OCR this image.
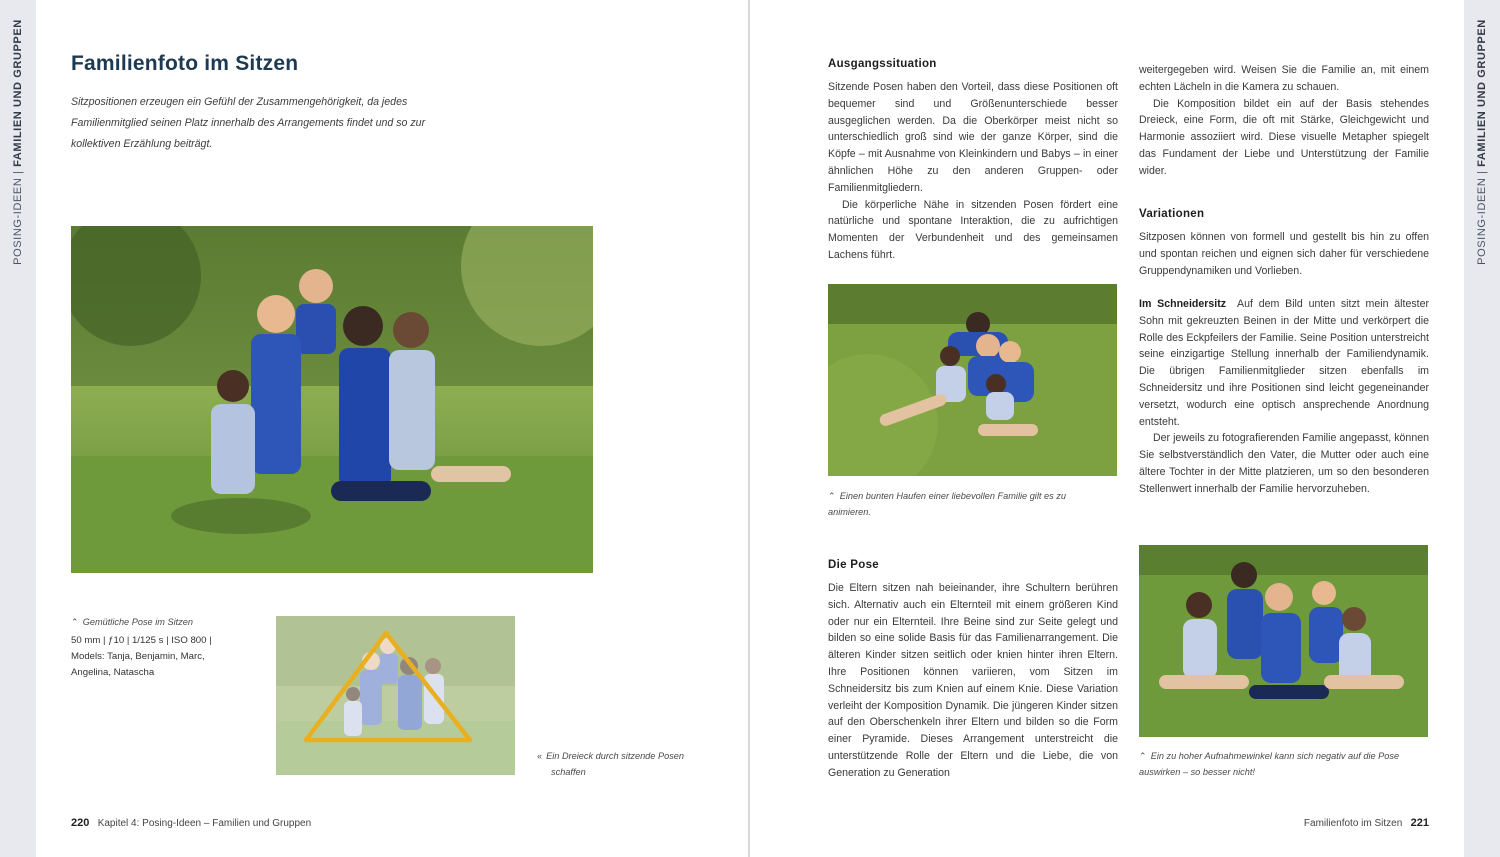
POSING-IDEEN | FAMILIEN UND GRUPPEN
POSING-IDEEN | FAMILIEN UND GRUPPEN
Familienfoto im Sitzen
Sitzpositionen erzeugen ein Gefühl der Zusammengehörigkeit, da jedes Familienmitglied seinen Platz innerhalb des Arrangements findet und so zur kollektiven Erzählung beiträgt.
⌃ Gemütliche Pose im Sitzen
50 mm | ƒ10 | 1/125 s | ISO 800 |
Models: Tanja, Benjamin, Marc, Angelina, Natascha
« Ein Dreieck durch sitzende Posen schaffen
220 Kapitel 4: Posing-Ideen – Familien und Gruppen
Ausgangssituation

Sitzende Posen haben den Vorteil, dass diese Positionen oft bequemer sind und Größenunterschiede besser ausgeglichen werden. Da die Oberkörper meist nicht so unterschiedlich groß sind wie der ganze Körper, sind die Köpfe – mit Ausnahme von Kleinkindern und Babys – in einer ähnlichen Höhe zu den anderen Gruppen- oder Familienmitgliedern.

Die körperliche Nähe in sitzenden Posen fördert eine natürliche und spontane Interaktion, die zu aufrichtigen Momenten der Verbundenheit und des gemeinsamen Lachens führt.

⌃ Einen bunten Haufen einer liebevollen Familie gilt es zu animieren.
Die Pose

Die Eltern sitzen nah beieinander, ihre Schultern berühren sich. Alternativ auch ein Elternteil mit einem größeren Kind oder nur ein Elternteil. Ihre Beine sind zur Seite gelegt und bilden so eine solide Basis für das Familienarrangement. Die älteren Kinder sitzen seitlich oder knien hinter ihren Eltern. Ihre Positionen können variieren, vom Sitzen im Schneidersitz bis zum Knien auf einem Knie. Diese Variation verleiht der Komposition Dynamik. Die jüngeren Kinder sitzen auf den Oberschenkeln ihrer Eltern und bilden so die Form einer Pyramide. Dieses Arrangement unterstreicht die unterstützende Rolle der Eltern und die Liebe, die von Generation zu Generation

weitergegeben wird. Weisen Sie die Familie an, mit einem echten Lächeln in die Kamera zu schauen.

Die Komposition bildet ein auf der Basis stehendes Dreieck, eine Form, die oft mit Stärke, Gleichgewicht und Harmonie assoziiert wird. Diese visuelle Metapher spiegelt das Fundament der Liebe und Unterstützung der Familie wider.

Variationen

Sitzposen können von formell und gestellt bis hin zu offen und spontan reichen und eignen sich daher für verschiedene Gruppendynamiken und Vorlieben.

Im Schneidersitz Auf dem Bild unten sitzt mein ältester Sohn mit gekreuzten Beinen in der Mitte und verkörpert die Rolle des Eckpfeilers der Familie. Seine Position unterstreicht seine einzigartige Stellung innerhalb der Familiendynamik. Die übrigen Familienmitglieder sitzen ebenfalls im Schneidersitz und ihre Positionen sind leicht gegeneinander versetzt, wodurch eine optisch ansprechende Anordnung entsteht.

Der jeweils zu fotografierenden Familie angepasst, können Sie selbstverständlich den Vater, die Mutter oder auch eine ältere Tochter in der Mitte platzieren, um so den besonderen Stellenwert innerhalb der Familie hervorzuheben.

⌃ Ein zu hoher Aufnahmewinkel kann sich negativ auf die Pose auswirken – so besser nicht!
Familienfoto im Sitzen 221
